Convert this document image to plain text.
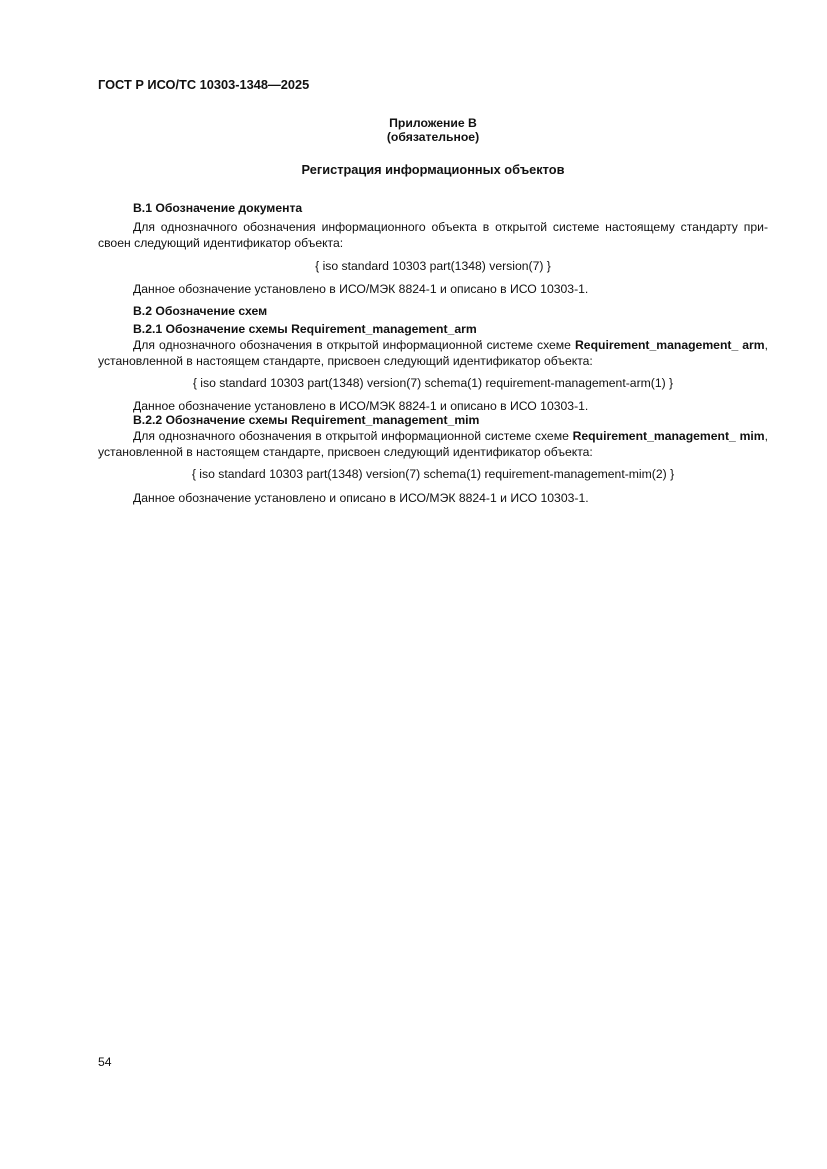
ГОСТ Р ИСО/ТС 10303-1348—2025
Приложение В
(обязательное)
Регистрация информационных объектов
В.1 Обозначение документа
Для однозначного обозначения информационного объекта в открытой системе настоящему стандарту присвоен следующий идентификатор объекта:
{ iso standard 10303 part(1348) version(7) }
Данное обозначение установлено в ИСО/МЭК 8824-1 и описано в ИСО 10303-1.
В.2 Обозначение схем
В.2.1 Обозначение схемы Requirement_management_arm
Для однозначного обозначения в открытой информационной системе схеме Requirement_management_ arm, установленной в настоящем стандарте, присвоен следующий идентификатор объекта:
{ iso standard 10303 part(1348) version(7) schema(1) requirement-management-arm(1) }
Данное обозначение установлено в ИСО/МЭК 8824-1 и описано в ИСО 10303-1.
В.2.2 Обозначение схемы Requirement_management_mim
Для однозначного обозначения в открытой информационной системе схеме Requirement_management_ mim, установленной в настоящем стандарте, присвоен следующий идентификатор объекта:
{ iso standard 10303 part(1348) version(7) schema(1) requirement-management-mim(2) }
Данное обозначение установлено и описано в ИСО/МЭК 8824-1 и ИСО 10303-1.
54
